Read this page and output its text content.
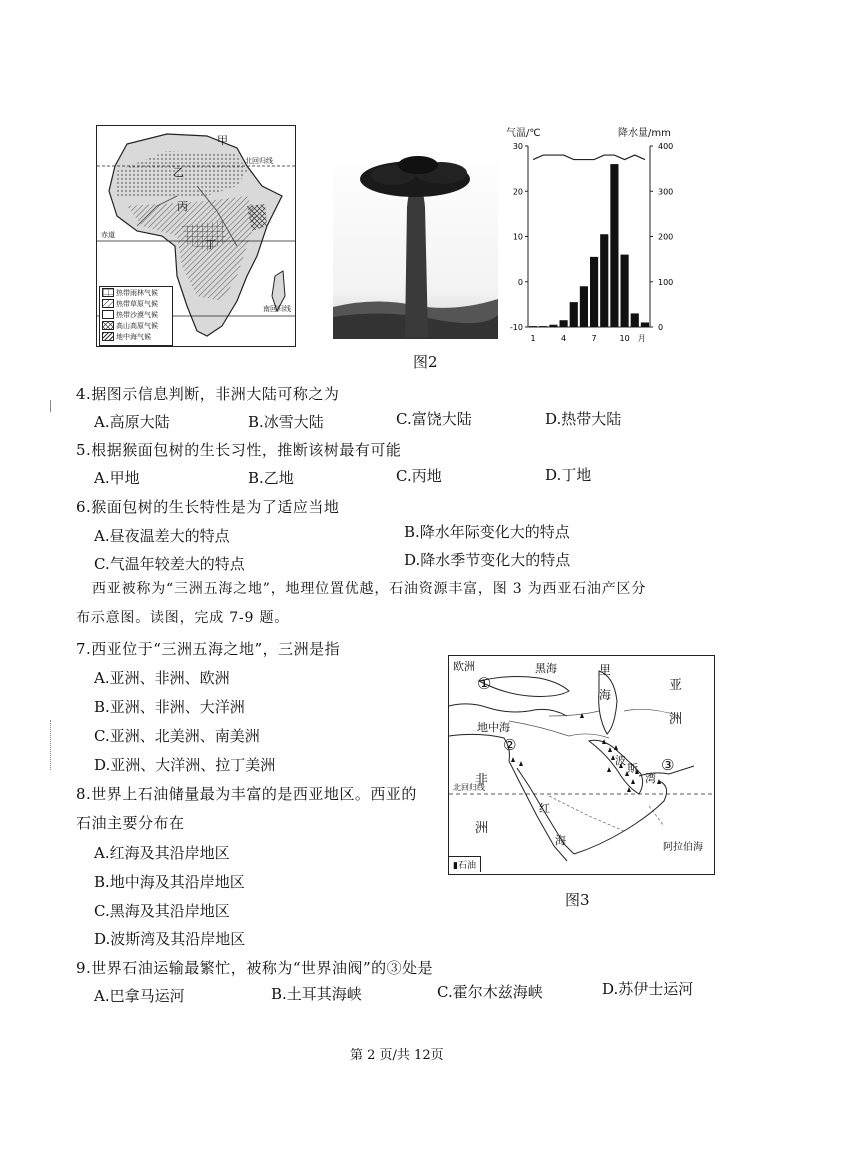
甲
乙
丙
丁
北回归线
赤道
南回归线
热带雨林气候
热带草原气候
热带沙漠气候
高山高原气候
地中海气候
气温/℃	降水量/mm
30
20
10
0
-10
400
300
200
100
0
1	4	7	10 月
图2
4.据图示信息判断，非洲大陆可称之为
A.高原大陆	B.冰雪大陆	C.富饶大陆	D.热带大陆
5.根据猴面包树的生长习性，推断该树最有可能
A.甲地	B.乙地	C.丙地	D.丁地
6.猴面包树的生长特性是为了适应当地
A.昼夜温差大的特点	B.降水年际变化大的特点
C.气温年较差大的特点	D.降水季节变化大的特点
西亚被称为“三洲五海之地”，地理位置优越，石油资源丰富，图 3 为西亚石油产区分
布示意图。读图，完成 7-9 题。
7.西亚位于“三洲五海之地”，三洲是指
A.亚洲、非洲、欧洲
B.亚洲、非洲、大洋洲
C.亚洲、北美洲、南美洲
D.亚洲、大洋洲、拉丁美洲
8.世界上石油储量最为丰富的是西亚地区。西亚的
石油主要分布在
A.红海及其沿岸地区
B.地中海及其沿岸地区
C.黑海及其沿岸地区
D.波斯湾及其沿岸地区
欧洲	黑海	里
海
亚
洲
地中海
非
洲
红
海
波
斯
湾
阿拉伯海
北回归线
①
②
③
▮石油
图3
9.世界石油运输最繁忙，被称为“世界油阀”的③处是
A.巴拿马运河	B.土耳其海峡	C.霍尔木兹海峡	D.苏伊士运河
第 2 页/共 12页
